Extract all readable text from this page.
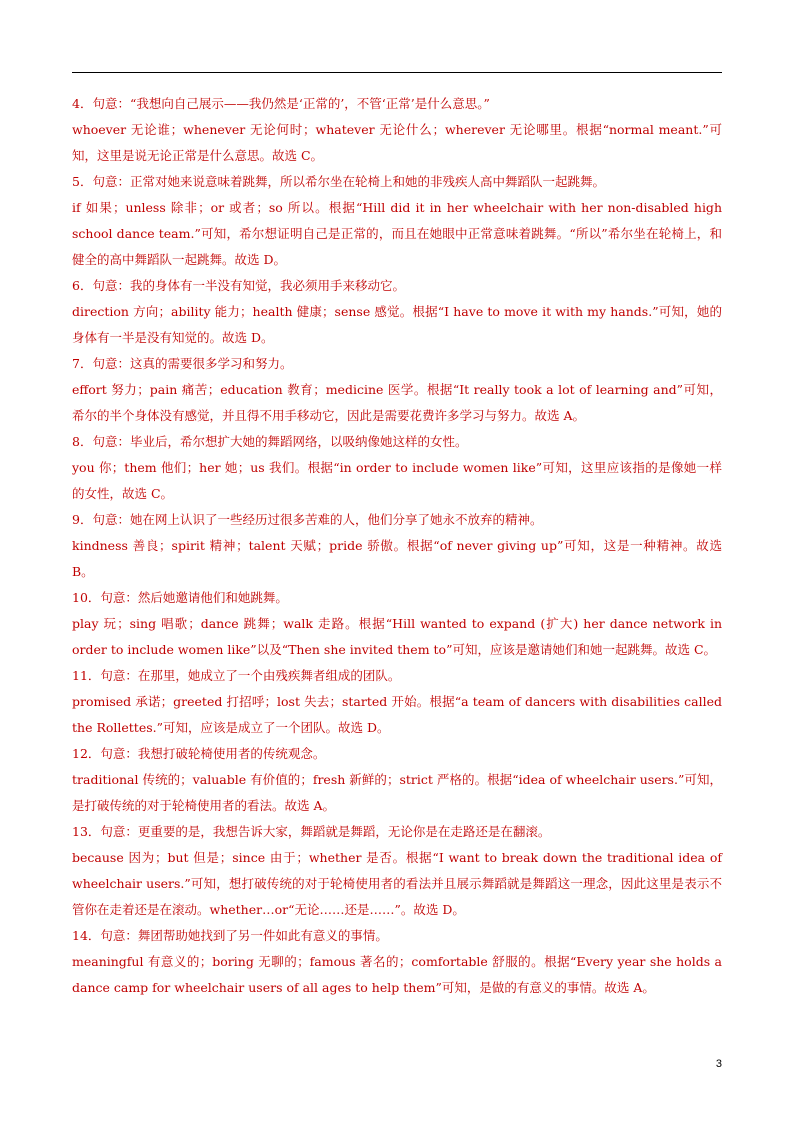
4．句意：“我想向自己展示——我仍然是‘正常的’，不管‘正常’是什么意思。”

whoever 无论谁；whenever 无论何时；whatever 无论什么；wherever 无论哪里。根据“normal meant.”可知，这里是说无论正常是什么意思。故选 C。

5．句意：正常对她来说意味着跳舞，所以希尔坐在轮椅上和她的非残疾人高中舞蹈队一起跳舞。

if 如果；unless 除非；or 或者；so 所以。根据“Hill did it in her wheelchair with her non-disabled high school dance team.”可知，希尔想证明自己是正常的，而且在她眼中正常意味着跳舞。“所以”希尔坐在轮椅上，和健全的高中舞蹈队一起跳舞。故选 D。

6．句意：我的身体有一半没有知觉，我必须用手来移动它。

direction 方向；ability 能力；health 健康；sense 感觉。根据“I have to move it with my hands.”可知，她的身体有一半是没有知觉的。故选 D。

7．句意：这真的需要很多学习和努力。

effort 努力；pain 痛苦；education 教育；medicine 医学。根据“It really took a lot of learning and”可知，希尔的半个身体没有感觉，并且得不用手移动它，因此是需要花费许多学习与努力。故选 A。

8．句意：毕业后，希尔想扩大她的舞蹈网络，以吸纳像她这样的女性。

you 你；them 他们；her 她；us 我们。根据“in order to include women like”可知，这里应该指的是像她一样的女性，故选 C。

9．句意：她在网上认识了一些经历过很多苦难的人，他们分享了她永不放弃的精神。

kindness 善良；spirit 精神；talent 天赋；pride 骄傲。根据“of never giving up”可知，这是一种精神。故选 B。

10．句意：然后她邀请他们和她跳舞。

play 玩；sing 唱歌；dance 跳舞；walk 走路。根据“Hill wanted to expand (扩大) her dance network in order to include women like”以及“Then she invited them to”可知，应该是邀请她们和她一起跳舞。故选 C。

11．句意：在那里，她成立了一个由残疾舞者组成的团队。

promised 承诺；greeted 打招呼；lost 失去；started 开始。根据“a team of dancers with disabilities called the Rollettes.”可知，应该是成立了一个团队。故选 D。

12．句意：我想打破轮椅使用者的传统观念。

traditional 传统的；valuable 有价值的；fresh 新鲜的；strict 严格的。根据“idea of wheelchair users.”可知，是打破传统的对于轮椅使用者的看法。故选 A。

13．句意：更重要的是，我想告诉大家，舞蹈就是舞蹈，无论你是在走路还是在翻滚。

because 因为；but 但是；since 由于；whether 是否。根据“I want to break down the traditional idea of wheelchair users.”可知，想打破传统的对于轮椅使用者的看法并且展示舞蹈就是舞蹈这一理念，因此这里是表示不管你在走着还是在滚动。whether…or“无论……还是……”。故选 D。

14．句意：舞团帮助她找到了另一件如此有意义的事情。

meaningful 有意义的；boring 无聊的；famous 著名的；comfortable 舒服的。根据“Every year she holds a dance camp for wheelchair users of all ages to help them”可知，是做的有意义的事情。故选 A。

3
